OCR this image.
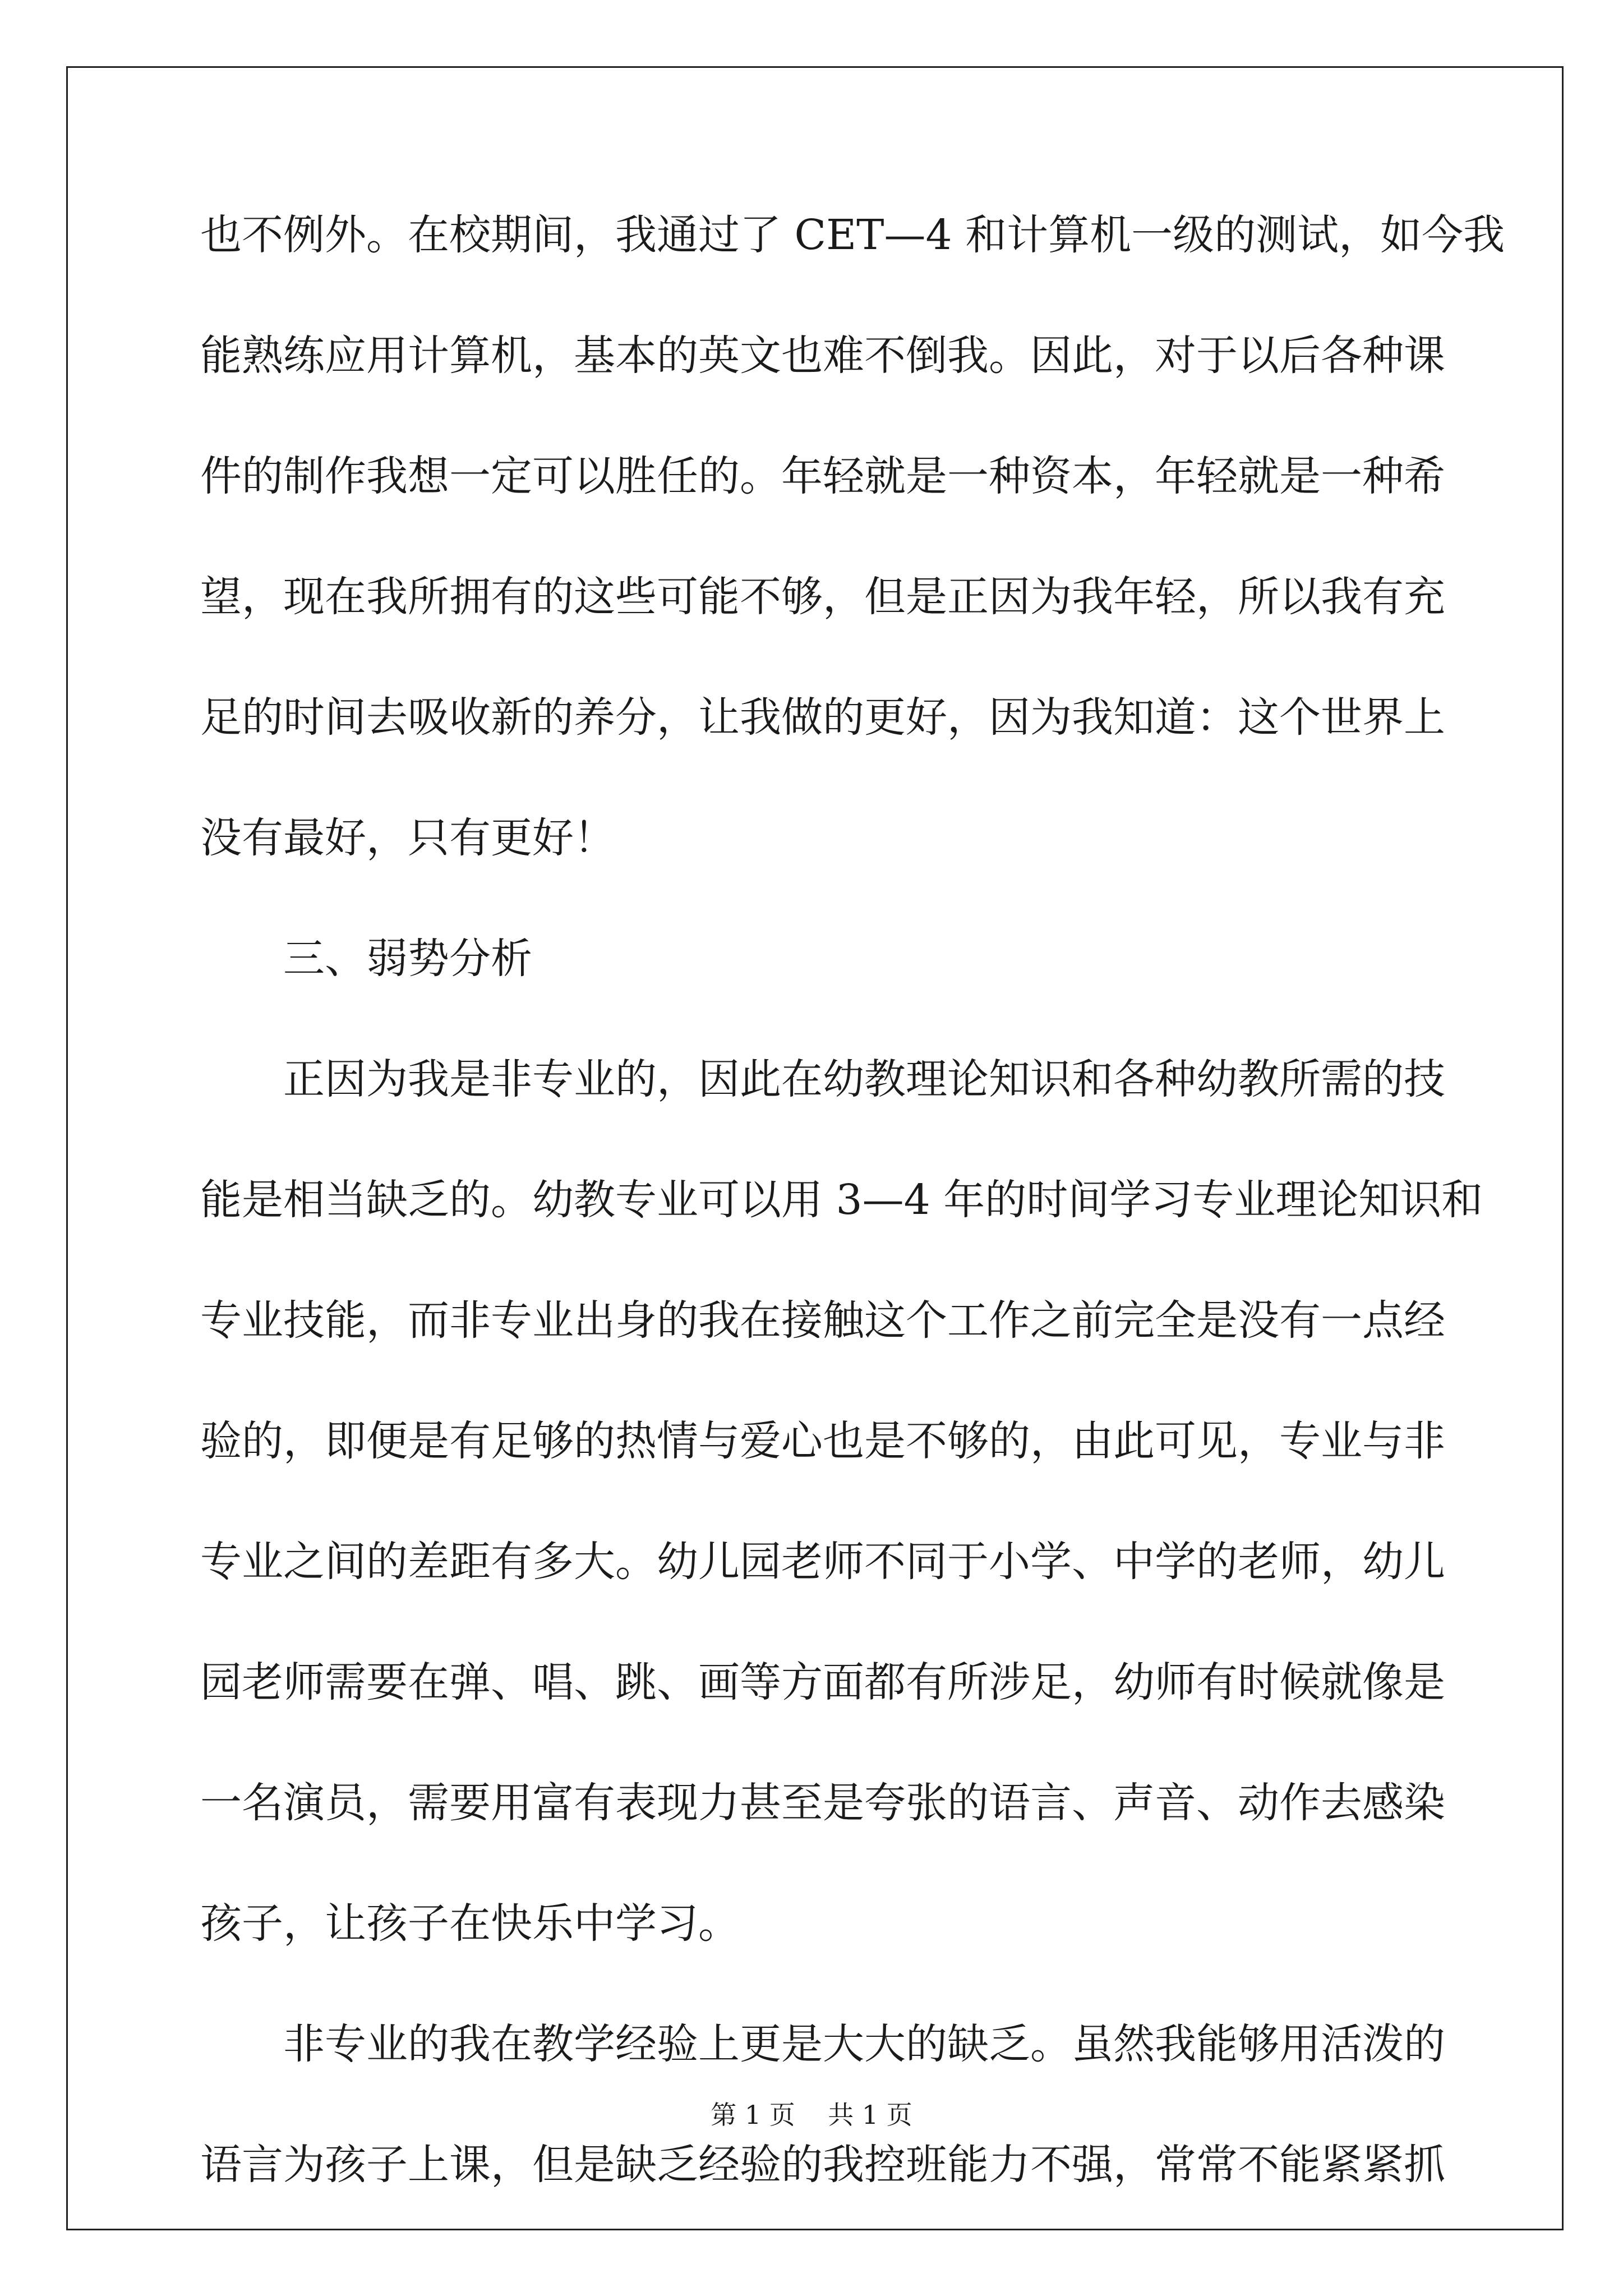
也不例外。在校期间，我通过了 CET—4 和计算机一级的测试，如今我
能熟练应用计算机，基本的英文也难不倒我。因此，对于以后各种课
件的制作我想一定可以胜任的。年轻就是一种资本，年轻就是一种希
望，现在我所拥有的这些可能不够，但是正因为我年轻，所以我有充
足的时间去吸收新的养分，让我做的更好，因为我知道：这个世界上
没有最好，只有更好！
三、弱势分析
正因为我是非专业的，因此在幼教理论知识和各种幼教所需的技
能是相当缺乏的。幼教专业可以用 3—4 年的时间学习专业理论知识和
专业技能，而非专业出身的我在接触这个工作之前完全是没有一点经
验的，即便是有足够的热情与爱心也是不够的，由此可见，专业与非
专业之间的差距有多大。幼儿园老师不同于小学、中学的老师，幼儿
园老师需要在弹、唱、跳、画等方面都有所涉足，幼师有时候就像是
一名演员，需要用富有表现力甚至是夸张的语言、声音、动作去感染
孩子，让孩子在快乐中学习。
非专业的我在教学经验上更是大大的缺乏。虽然我能够用活泼的
语言为孩子上课，但是缺乏经验的我控班能力不强，常常不能紧紧抓
第 1 页    共 1 页
